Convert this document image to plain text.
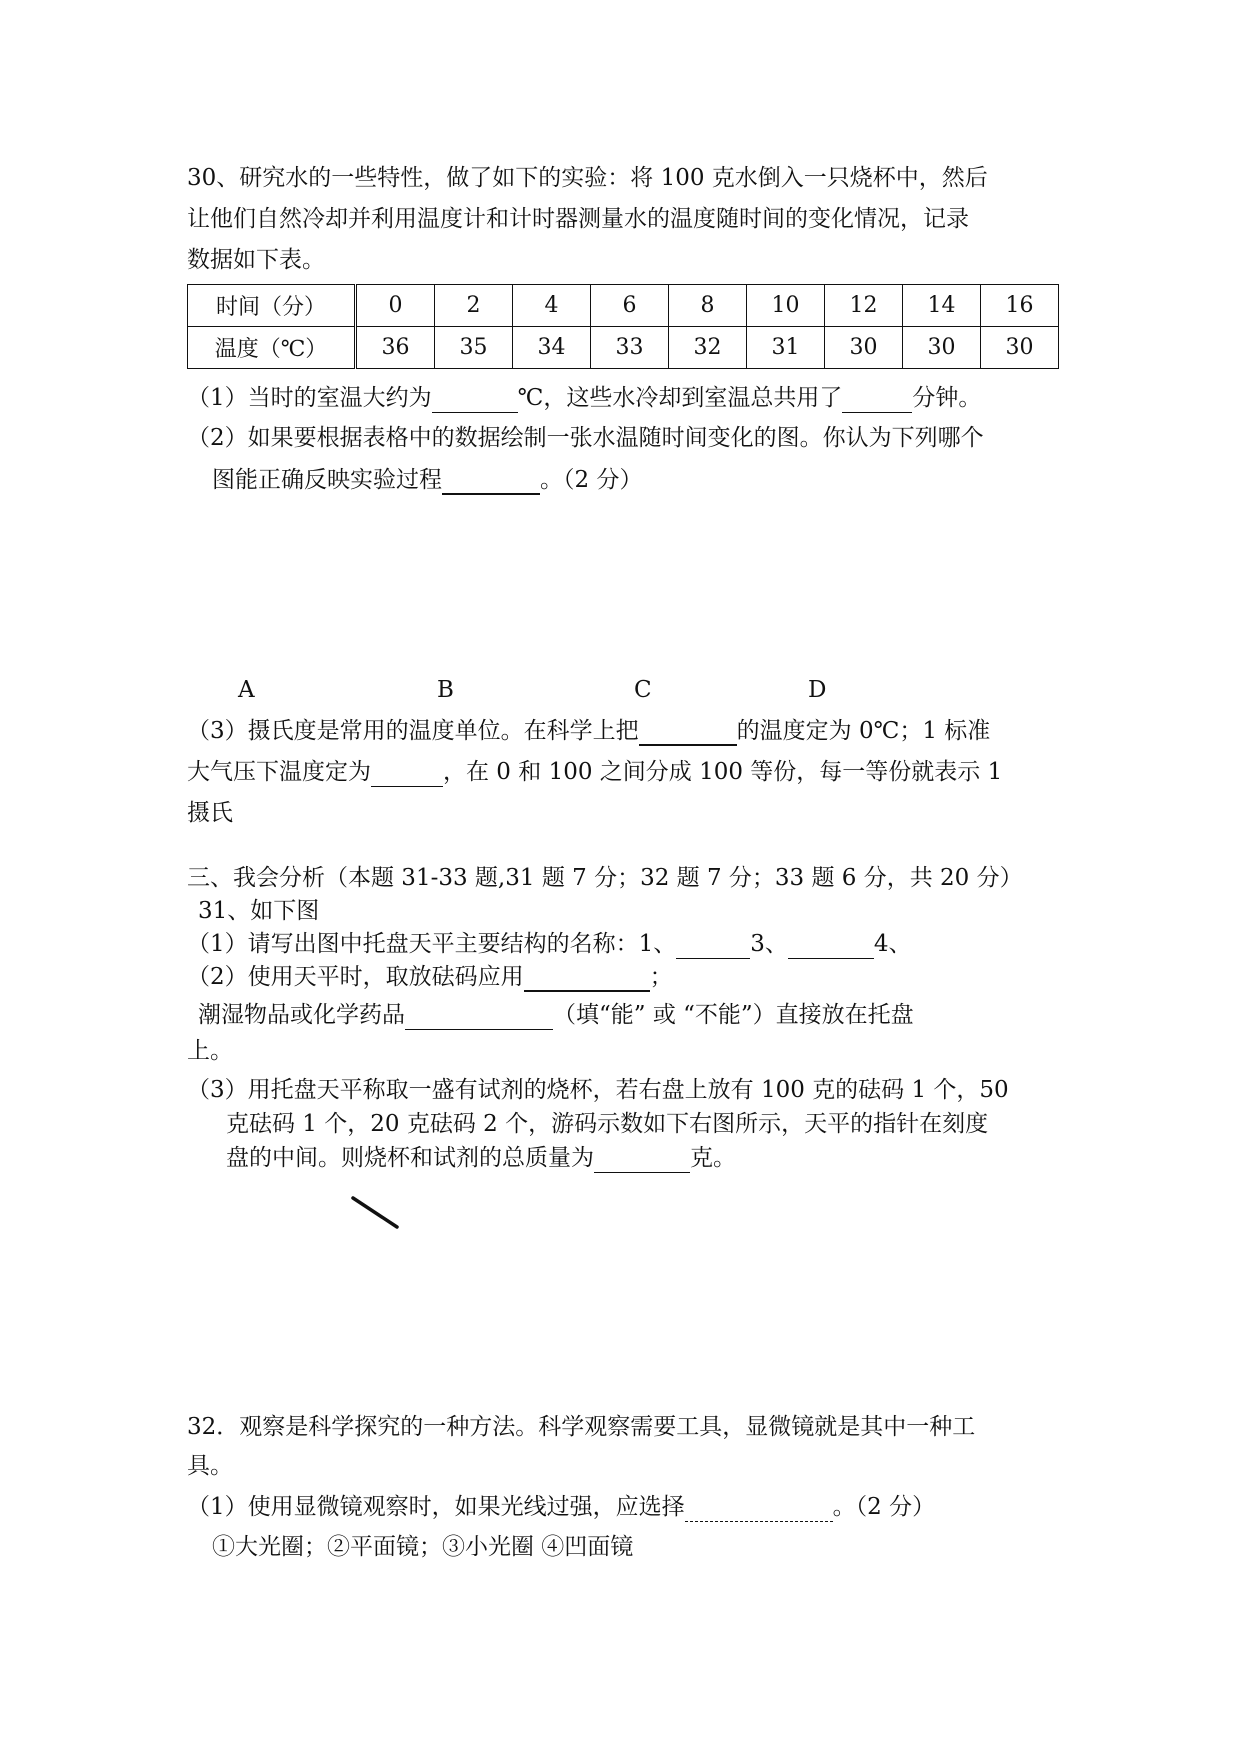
30、研究水的一些特性，做了如下的实验：将 100 克水倒入一只烧杯中，然后
让他们自然冷却并利用温度计和计时器测量水的温度随时间的变化情况，记录
数据如下表。
时间（分）	0	2	4	6	8	10	12	14	16
温度（℃）	36	35	34	33	32	31	30	30	30
（1）当时的室温大约为	℃，这些水冷却到室温总共用了	分钟。
（2）如果要根据表格中的数据绘制一张水温随时间变化的图。你认为下列哪个
图能正确反映实验过程	。（2 分）
A	B	C	D
（3）摄氏度是常用的温度单位。在科学上把	的温度定为 0℃；1 标准
大气压下温度定为	，在 0 和 100 之间分成 100 等份，每一等份就表示 1
摄氏
三、我会分析（本题 31-33 题,31 题 7 分；32 题 7 分；33 题 6 分，共 20 分）
31、如下图
（1）请写出图中托盘天平主要结构的名称：1、	3、	4、
（2）使用天平时，取放砝码应用	；
潮湿物品或化学药品	（填“能” 或 “不能”）直接放在托盘
上。
（3）用托盘天平称取一盛有试剂的烧杯，若右盘上放有 100 克的砝码 1 个，50
克砝码 1 个，20 克砝码 2 个，游码示数如下右图所示，天平的指针在刻度
盘的中间。则烧杯和试剂的总质量为	克。
32．观察是科学探究的一种方法。科学观察需要工具，显微镜就是其中一种工
具。
（1）使用显微镜观察时，如果光线过强，应选择	。（2 分）
①大光圈；②平面镜；③小光圈 ④凹面镜
